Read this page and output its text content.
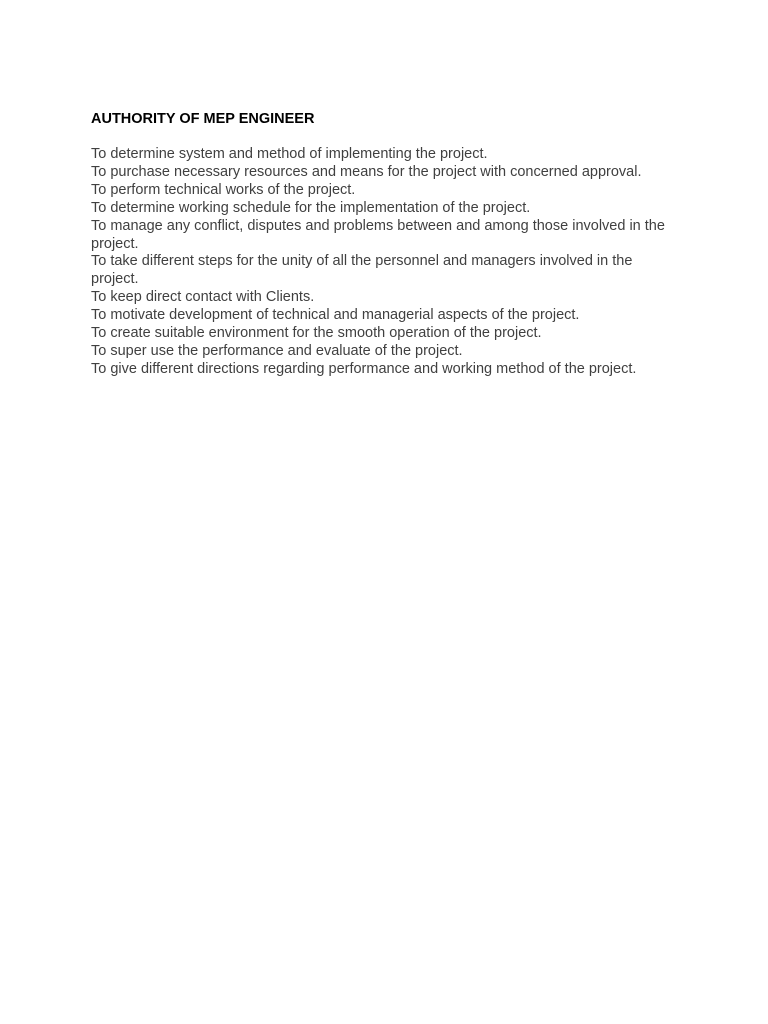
AUTHORITY OF MEP ENGINEER
To determine system and method of implementing the project.
To purchase necessary resources and means for the project with concerned approval.
To perform technical works of the project.
To determine working schedule for the implementation of the project.
To manage any conflict, disputes and problems between and among those involved in the project.
To take different steps for the unity of all the personnel and managers involved in the project.
To keep direct contact with Clients.
To motivate development of technical and managerial aspects of the project.
To create suitable environment for the smooth operation of the project.
To super use the performance and evaluate of the project.
To give different directions regarding performance and working method of the project.
